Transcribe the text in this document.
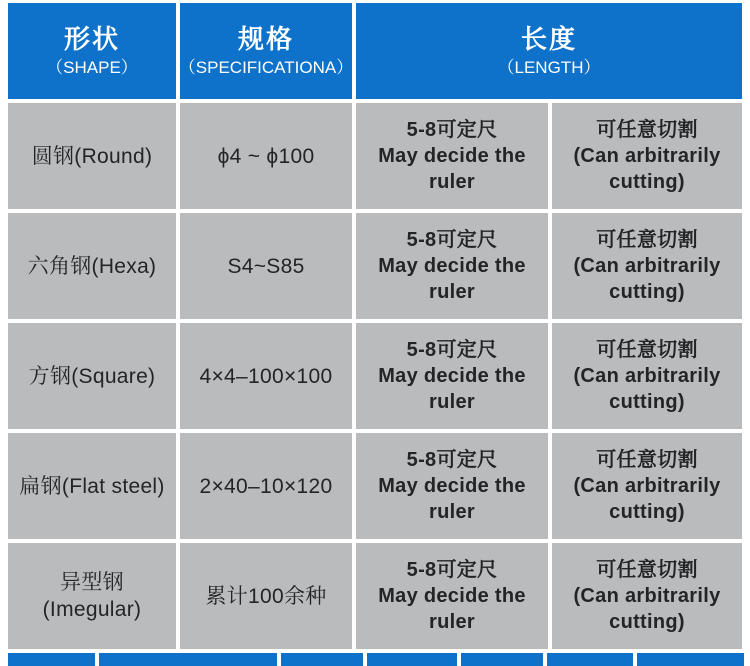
形状
（SHAPE）
规格
（SPECIFICATIONA）
长度
（LENGTH）
圆钢(Round)	ϕ4 ~ ϕ100
5-8可定尺
May decide the
ruler
可任意切割
(Can arbitrarily
cutting)
六角钢(Hexa)	S4~S85
5-8可定尺
May decide the
ruler
可任意切割
(Can arbitrarily
cutting)
方钢(Square) 4×4–100×100
5-8可定尺
May decide the
ruler
可任意切割
(Can arbitrarily
cutting)
扁钢(Flat steel) 2×40–10×120
5-8可定尺
May decide the
ruler
可任意切割
(Can arbitrarily
cutting)
异型钢
(Imegular)
累计100余种
5-8可定尺
May decide the
ruler
可任意切割
(Can arbitrarily
cutting)
